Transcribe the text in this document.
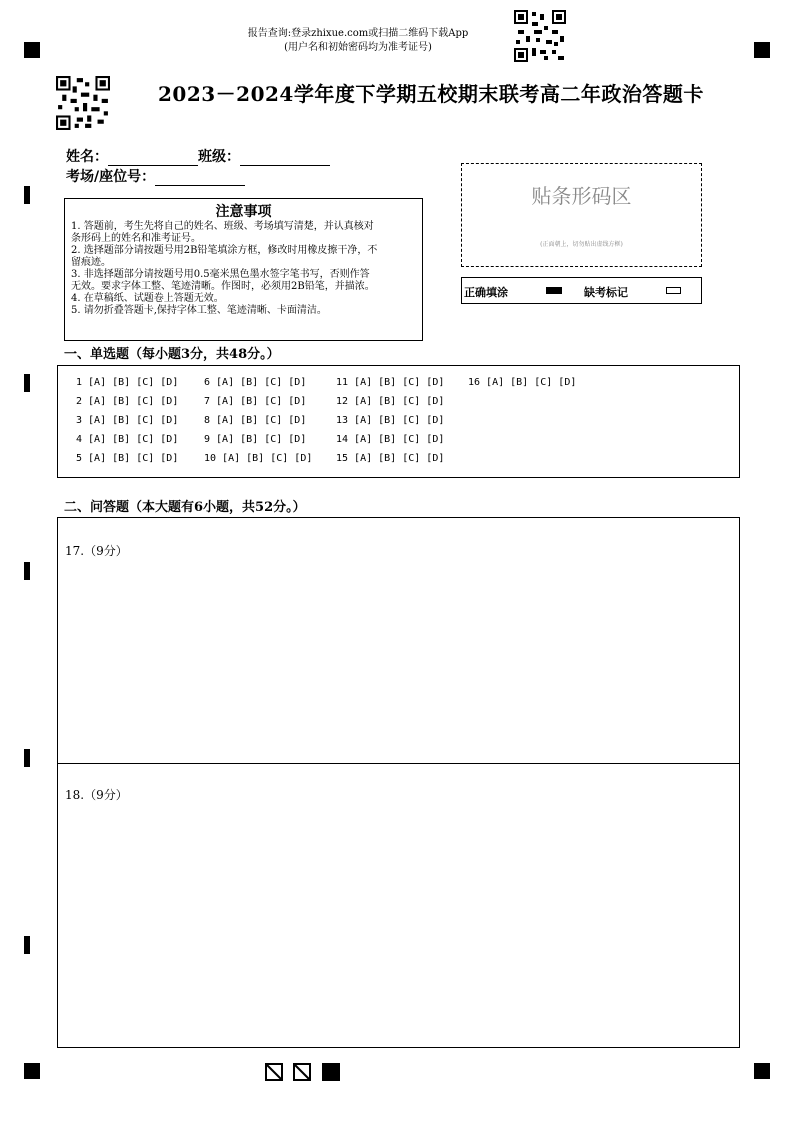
报告查询:登录zhixue.com或扫描二维码下载App
(用户名和初始密码均为准考证号)
2023－2024学年度下学期五校期末联考高二年政治答题卡
姓名：	班级：
考场/座位号：
注意事项
1. 答题前，考生先将自己的姓名、班级、考场填写清楚，并认真核对
条形码上的姓名和准考证号。
2. 选择题部分请按题号用2B铅笔填涂方框，修改时用橡皮擦干净，不
留痕迹。
3. 非选择题部分请按题号用0.5毫米黑色墨水签字笔书写，否则作答
无效。要求字体工整、笔迹清晰。作图时，必须用2B铅笔，并描浓。
4. 在草稿纸、试题卷上答题无效。
5. 请勿折叠答题卡,保持字体工整、笔迹清晰、卡面清洁。
贴条形码区
(正面朝上，切勿贴出虚线方框)
正确填涂	缺考标记
一、单选题（每小题3分，共48分。）
1 [A] [B] [C] [D]
2 [A] [B] [C] [D]
3 [A] [B] [C] [D]
4 [A] [B] [C] [D]
5 [A] [B] [C] [D]
6 [A] [B] [C] [D]
7 [A] [B] [C] [D]
8 [A] [B] [C] [D]
9 [A] [B] [C] [D]
10 [A] [B] [C] [D]
11 [A] [B] [C] [D]
12 [A] [B] [C] [D]
13 [A] [B] [C] [D]
14 [A] [B] [C] [D]
15 [A] [B] [C] [D]
16 [A] [B] [C] [D]
二、问答题（本大题有6小题，共52分。）
17.（9分）
18.（9分）
